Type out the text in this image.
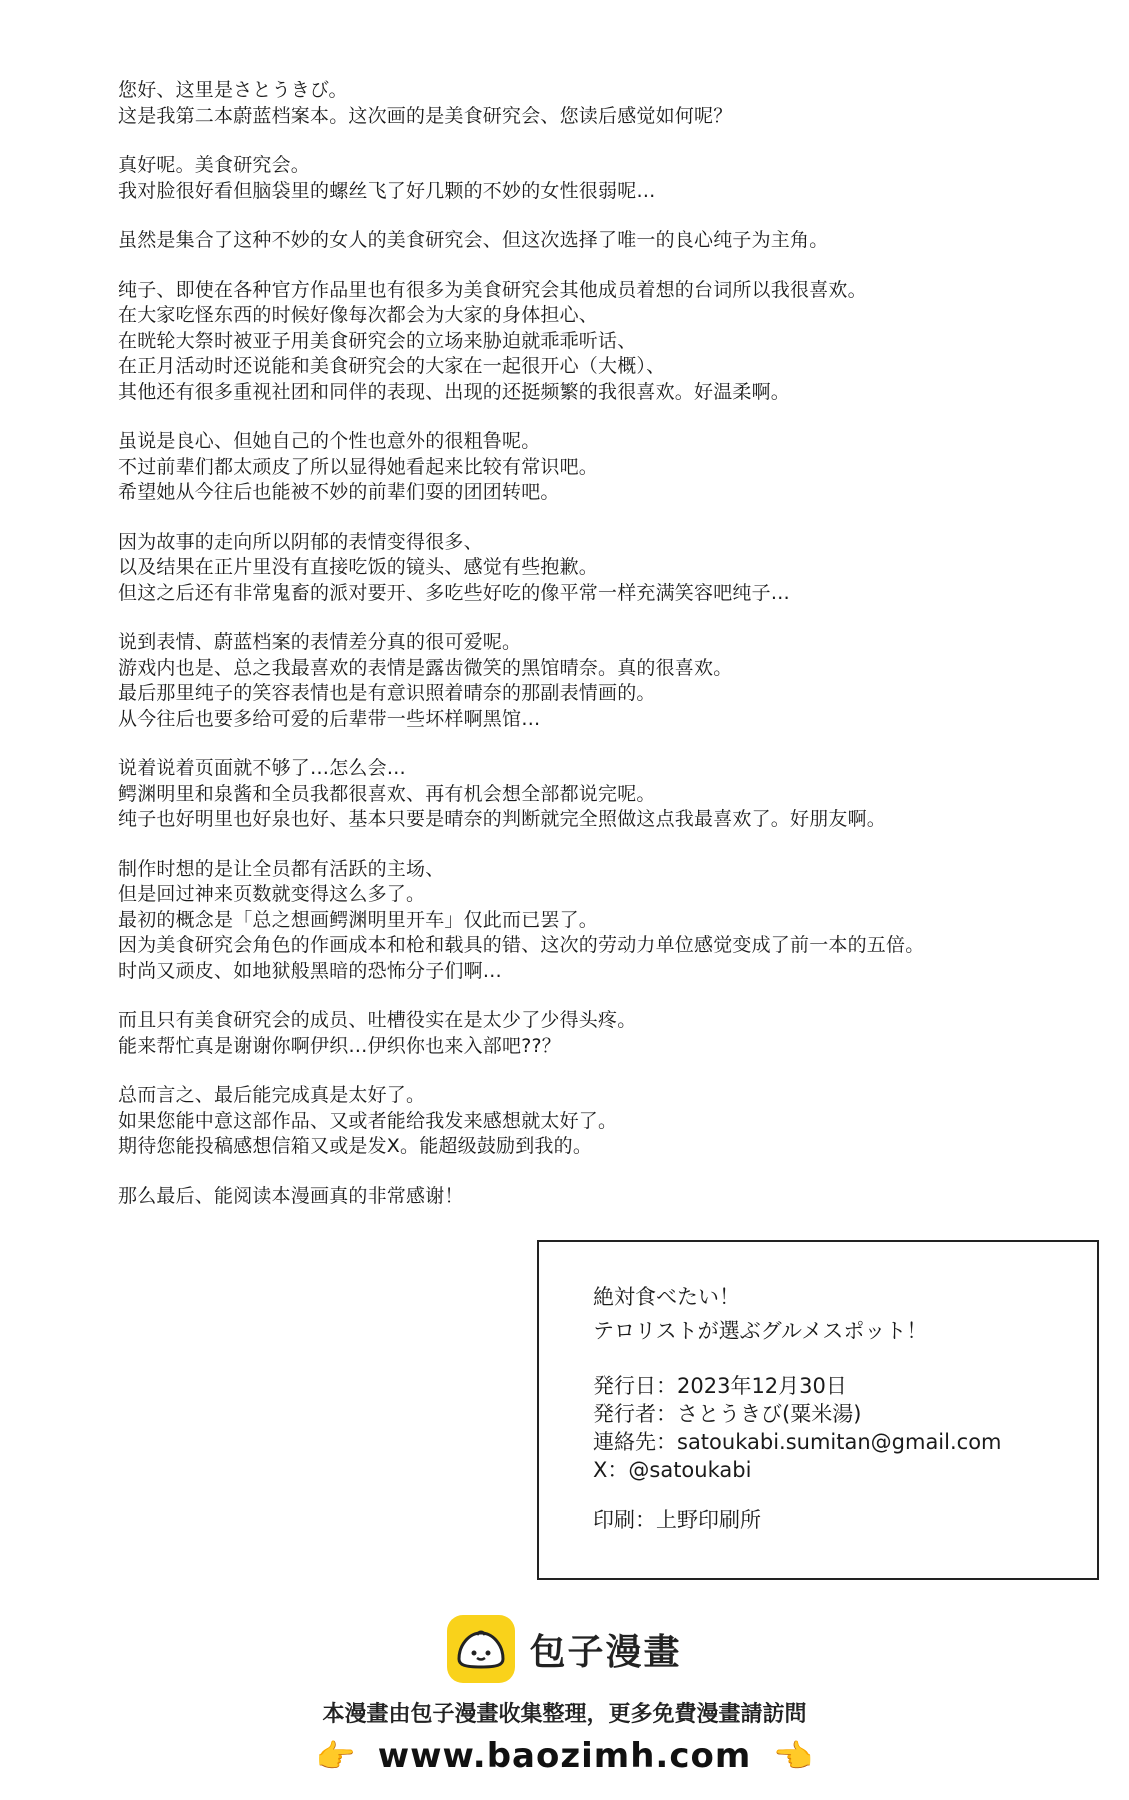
您好、这里是さとうきび。
这是我第二本蔚蓝档案本。这次画的是美食研究会、您读后感觉如何呢？
真好呢。美食研究会。
我对脸很好看但脑袋里的螺丝飞了好几颗的不妙的女性很弱呢…
虽然是集合了这种不妙的女人的美食研究会、但这次选择了唯一的良心纯子为主角。
纯子、即使在各种官方作品里也有很多为美食研究会其他成员着想的台词所以我很喜欢。
在大家吃怪东西的时候好像每次都会为大家的身体担心、
在晄轮大祭时被亚子用美食研究会的立场来胁迫就乖乖听话、
在正月活动时还说能和美食研究会的大家在一起很开心（大概）、
其他还有很多重视社团和同伴的表现、出现的还挺频繁的我很喜欢。好温柔啊。
虽说是良心、但她自己的个性也意外的很粗鲁呢。
不过前辈们都太顽皮了所以显得她看起来比较有常识吧。
希望她从今往后也能被不妙的前辈们耍的团团转吧。
因为故事的走向所以阴郁的表情变得很多、
以及结果在正片里没有直接吃饭的镜头、感觉有些抱歉。
但这之后还有非常鬼畜的派对要开、多吃些好吃的像平常一样充满笑容吧纯子…
说到表情、蔚蓝档案的表情差分真的很可爱呢。
游戏内也是、总之我最喜欢的表情是露齿微笑的黑馆晴奈。真的很喜欢。
最后那里纯子的笑容表情也是有意识照着晴奈的那副表情画的。
从今往后也要多给可爱的后辈带一些坏样啊黑馆…
说着说着页面就不够了…怎么会…
鳄渊明里和泉酱和全员我都很喜欢、再有机会想全部都说完呢。
纯子也好明里也好泉也好、基本只要是晴奈的判断就完全照做这点我最喜欢了。好朋友啊。
制作时想的是让全员都有活跃的主场、
但是回过神来页数就变得这么多了。
最初的概念是「总之想画鳄渊明里开车」仅此而已罢了。
因为美食研究会角色的作画成本和枪和载具的错、这次的劳动力单位感觉变成了前一本的五倍。
时尚又顽皮、如地狱般黑暗的恐怖分子们啊…
而且只有美食研究会的成员、吐槽役实在是太少了少得头疼。
能来帮忙真是谢谢你啊伊织…伊织你也来入部吧??？
总而言之、最后能完成真是太好了。
如果您能中意这部作品、又或者能给我发来感想就太好了。
期待您能投稿感想信箱又或是发X。能超级鼓励到我的。
那么最后、能阅读本漫画真的非常感谢！
絶対食べたい！
テロリストが選ぶグルメスポット！
発行日：2023年12月30日
発行者：さとうきび(粟米湯)
連絡先：satoukabi.sumitan@gmail.com
X：@satoukabi
印刷：上野印刷所
包子漫畫
本漫畫由包子漫畫收集整理，更多免費漫畫請訪問
👉 www.baozimh.com 👈
